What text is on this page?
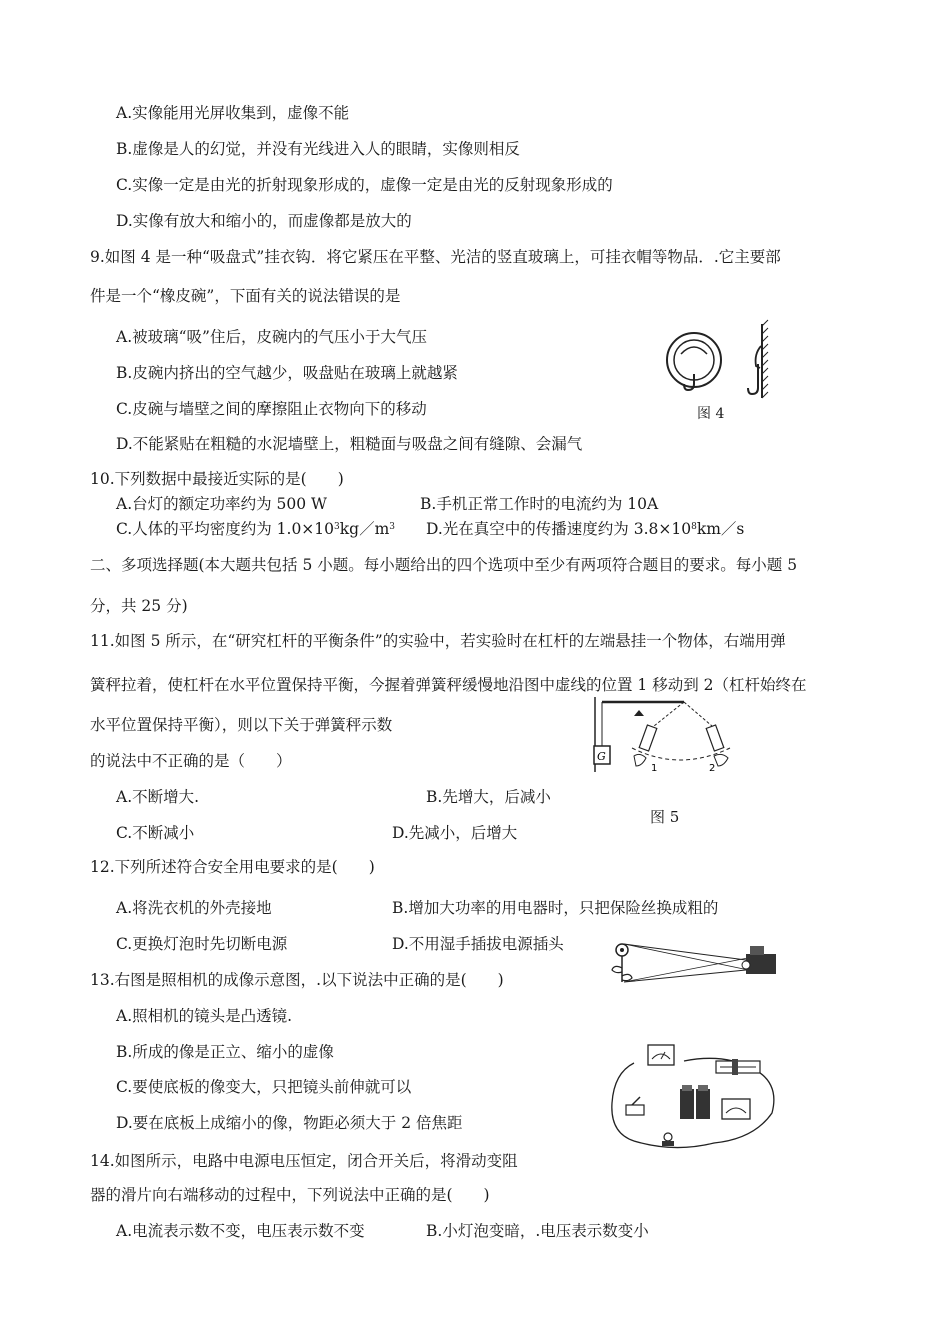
A.实像能用光屏收集到，虚像不能
B.虚像是人的幻觉，并没有光线进入人的眼睛，实像则相反
C.实像一定是由光的折射现象形成的，虚像一定是由光的反射现象形成的
D.实像有放大和缩小的，而虚像都是放大的
9.如图 4 是一种“吸盘式”挂衣钩．将它紧压在平整、光洁的竖直玻璃上，可挂衣帽等物品．.它主要部
件是一个“橡皮碗”，下面有关的说法错误的是
A.被玻璃“吸”住后，皮碗内的气压小于大气压
B.皮碗内挤出的空气越少，吸盘贴在玻璃上就越紧
C.皮碗与墙壁之间的摩擦阻止衣物向下的移动
D.不能紧贴在粗糙的水泥墙壁上，粗糙面与吸盘之间有缝隙、会漏气
图 4
10.下列数据中最接近实际的是(　　)
A.台灯的额定功率约为 500 W	B.手机正常工作时的电流约为 10A
C.人体的平均密度约为 $1.0\times 10^3kg/m^3$ D.光在真空中的传播速度约为 $3.8\times 10^8km/s$
二、多项选择题(本大题共包括 5 小题。每小题给出的四个选项中至少有两项符合题目的要求。每小题 5
分，共 25 分)
11.如图 5 所示，在“研究杠杆的平衡条件”的实验中，若实验时在杠杆的左端悬挂一个物体，右端用弹
簧秤拉着，使杠杆在水平位置保持平衡，今握着弹簧秤缓慢地沿图中虚线的位置 1 移动到 2（杠杆始终在
水平位置保持平衡），则以下关于弹簧秤示数
的说法中不正确的是（　　）	G
1	2
A.不断增大.	B.先增大，后减小
图 5
C.不断减小	D.先减小，后增大
12.下列所述符合安全用电要求的是(　　)
A.将洗衣机的外壳接地	B.增加大功率的用电器时，只把保险丝换成粗的
C.更换灯泡时先切断电源	D.不用湿手插拔电源插头
13.右图是照相机的成像示意图，.以下说法中正确的是(　　)
A.照相机的镜头是凸透镜.
B.所成的像是正立、缩小的虚像
C.要使底板的像变大，只把镜头前伸就可以
D.要在底板上成缩小的像，物距必须大于 2 倍焦距
14.如图所示，电路中电源电压恒定，闭合开关后，将滑动变阻
器的滑片向右端移动的过程中，下列说法中正确的是(　　)
A.电流表示数不变，电压表示数不变	B.小灯泡变暗，.电压表示数变小
